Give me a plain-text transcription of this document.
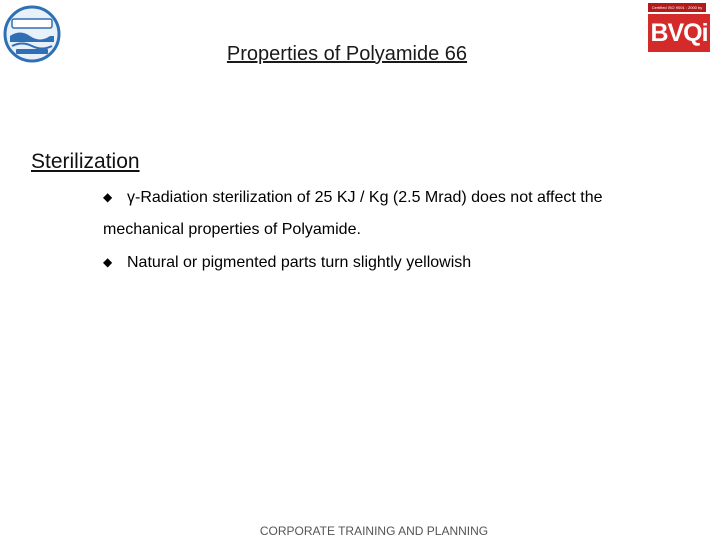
Certified ISO 9001 : 2000 by
BVQi
Properties of Polyamide 66
Sterilization
◆ γ-Radiation sterilization of 25 KJ / Kg (2.5 Mrad) does not affect the
mechanical properties of Polyamide.
◆ Natural or pigmented parts turn slightly yellowish
CORPORATE TRAINING AND PLANNING
